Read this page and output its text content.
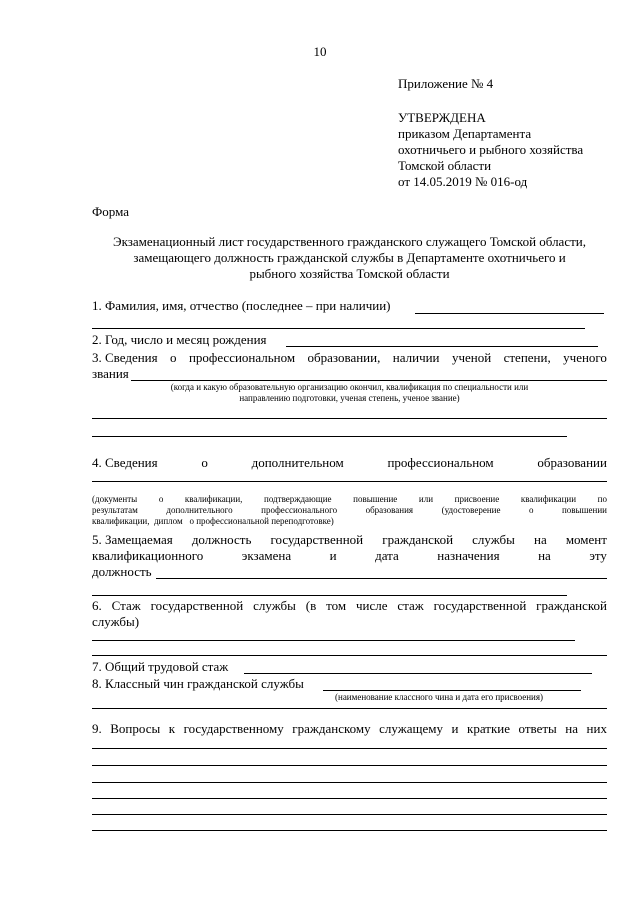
10
Приложение № 4
УТВЕРЖДЕНА
приказом Департамента
охотничьего и рыбного хозяйства
Томской области
от 14.05.2019 № 016-од
Форма
Экзаменационный лист государственного гражданского служащего Томской области,
замещающего должность гражданской службы в Департаменте охотничьего и
рыбного хозяйства Томской области
1. Фамилия, имя, отчество (последнее – при наличии)
2. Год, число и месяц рождения
3. Сведения о профессиональном образовании, наличии ученой степени, ученого
звания
(когда и какую образовательную организацию окончил, квалификация по специальности или
направлению подготовки, ученая степень, ученое звание)
4. Сведения	о	дополнительном	профессиональном	образовании
(документы о квалификации, подтверждающие повышение или присвоение квалификации по
результатам	дополнительного	профессионального	образования	(удостоверение	о	повышении
квалификации,  диплом   о профессиональной переподготовке)
5. Замещаемая должность государственной гражданской службы на момент
квалификационного	экзамена	и	дата	назначения	на	эту
должность
6. Стаж государственной службы (в том числе стаж государственной гражданской
службы)
7. Общий трудовой стаж
8. Классный чин гражданской службы
(наименование классного чина и дата его присвоения)
9. Вопросы к государственному гражданскому служащему и краткие ответы на них
